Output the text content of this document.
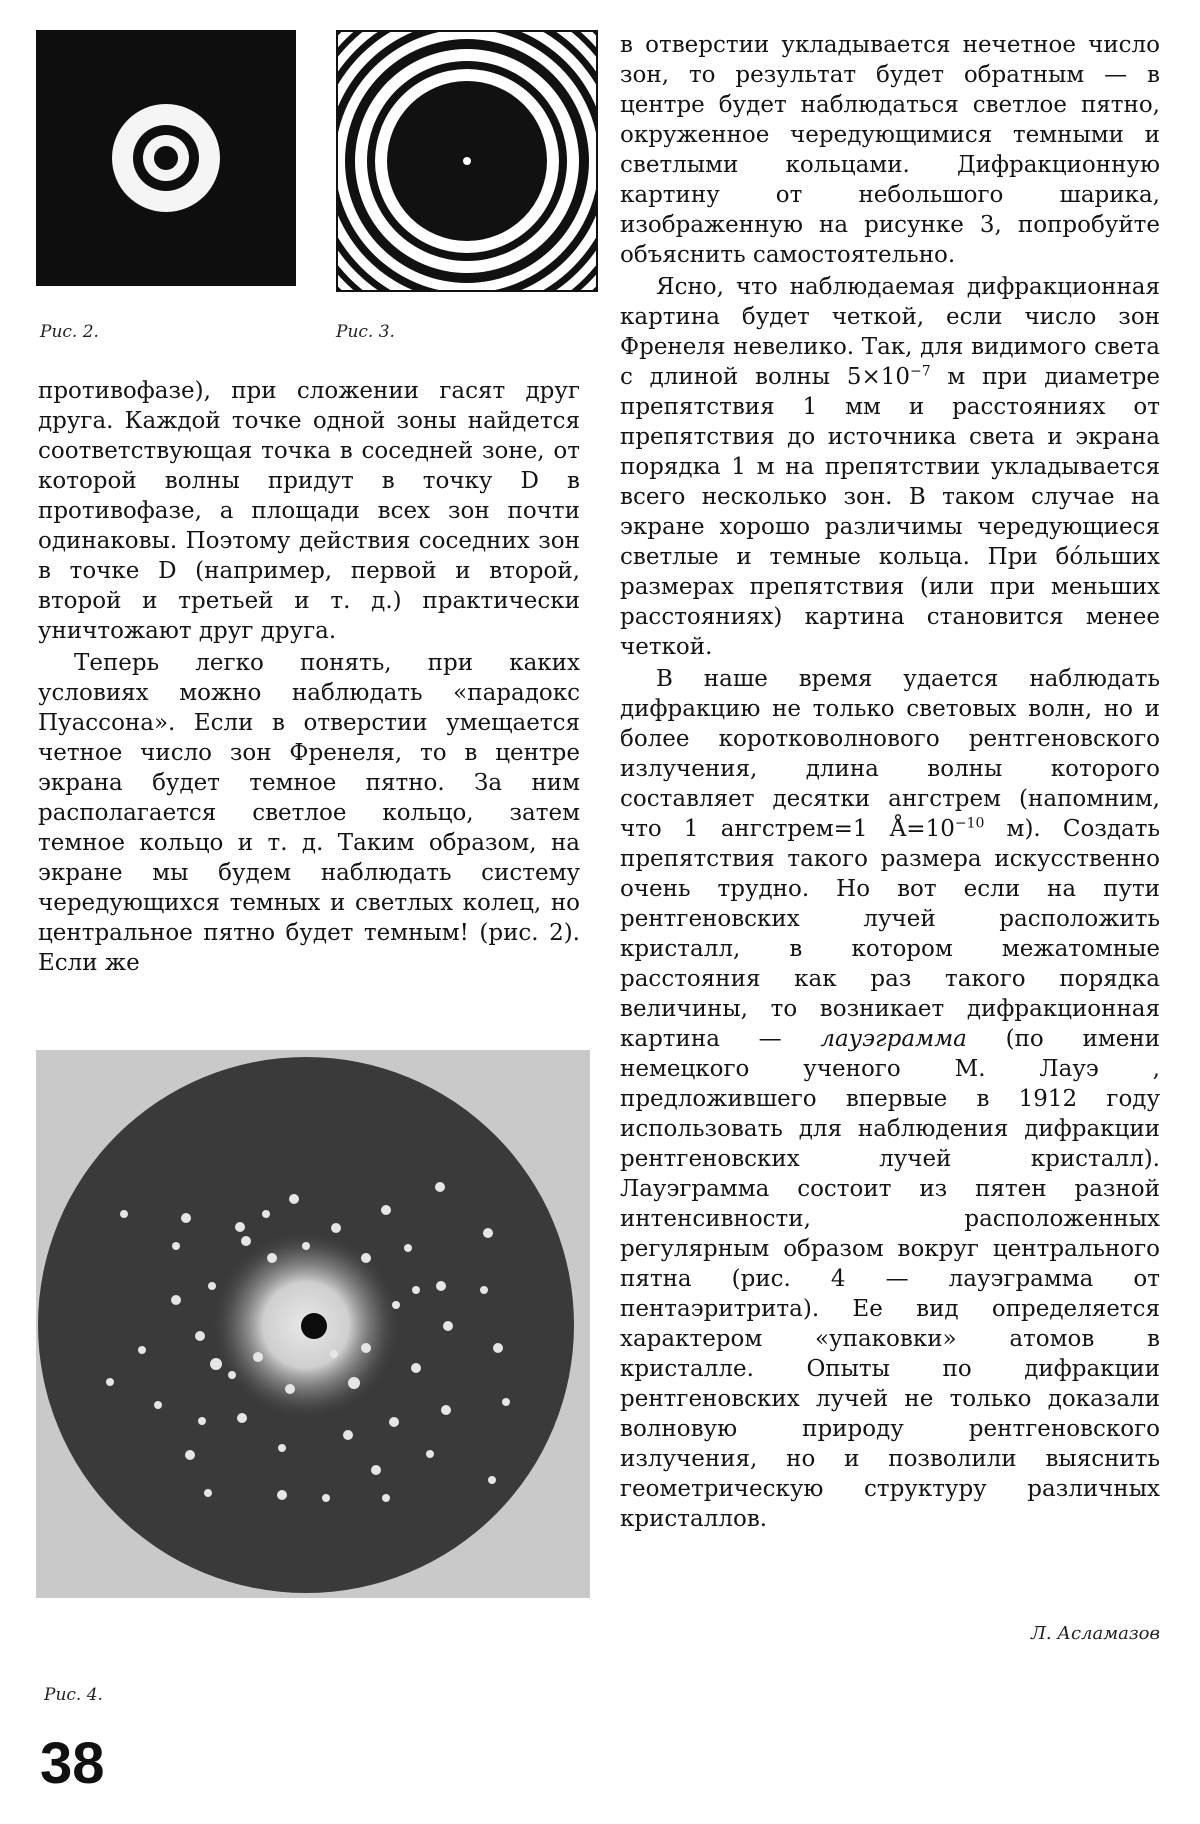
Рис. 2.	Рис. 3.

противофазе), при сложении гасят друг друга. Каждой точке одной зоны найдется соответствующая точка в соседней зоне, от которой волны придут в точку D в противофазе, а площади всех зон почти одинаковы. Поэтому действия соседних зон в точке D (например, первой и второй, второй и третьей и т. д.) практически уничтожают друг друга.

Теперь легко понять, при каких условиях можно наблюдать «парадокс Пуассона». Если в отверстии умещается четное число зон Френеля, то в центре экрана будет темное пятно. За ним располагается светлое кольцо, затем темное кольцо и т. д. Таким образом, на экране мы будем наблюдать систему чередующихся темных и светлых колец, но центральное пятно будет темным! (рис. 2). Если же

Рис. 4.

в отверстии укладывается нечетное число зон, то результат будет обратным — в центре будет наблюдаться светлое пятно, окруженное чередующимися темными и светлыми кольцами. Дифракционную картину от небольшого шарика, изображенную на рисунке 3, попробуйте объяснить самостоятельно.

Ясно, что наблюдаемая дифракционная картина будет четкой, если число зон Френеля невелико. Так, для видимого света с длиной волны $5\times 10^{-7}$ м при диаметре препятствия 1 мм и расстояниях от препятствия до источника света и экрана порядка 1 м на препятствии укладывается всего несколько зон. В таком случае на экране хорошо различимы чередующиеся светлые и темные кольца. При бо́льших размерах препятствия (или при меньших расстояниях) картина становится менее четкой.

В наше время удается наблюдать дифракцию не только световых волн, но и более коротковолнового рентгеновского излучения, длина волны которого составляет десятки ангстрем (напомним, что 1 ангстрем=1 $Å=10^{-10}$ м). Создать препятствия такого размера искусственно очень трудно. Но вот если на пути рентгеновских лучей расположить кристалл, в котором межатомные расстояния как раз такого порядка величины, то возникает дифракционная картина — лауэграмма (по имени немецкого ученого М. Лауэ , предложившего впервые в 1912 году использовать для наблюдения дифракции рентгеновских лучей кристалл). Лауэграмма состоит из пятен разной интенсивности, расположенных регулярным образом вокруг центрального пятна (рис. 4 — лауэграмма от пентаэритрита). Ее вид определяется характером «упаковки» атомов в кристалле. Опыты по дифракции рентгеновских лучей не только доказали волновую природу рентгеновского излучения, но и позволили выяснить геометрическую структуру различных кристаллов.

Л. Асламазов
38
